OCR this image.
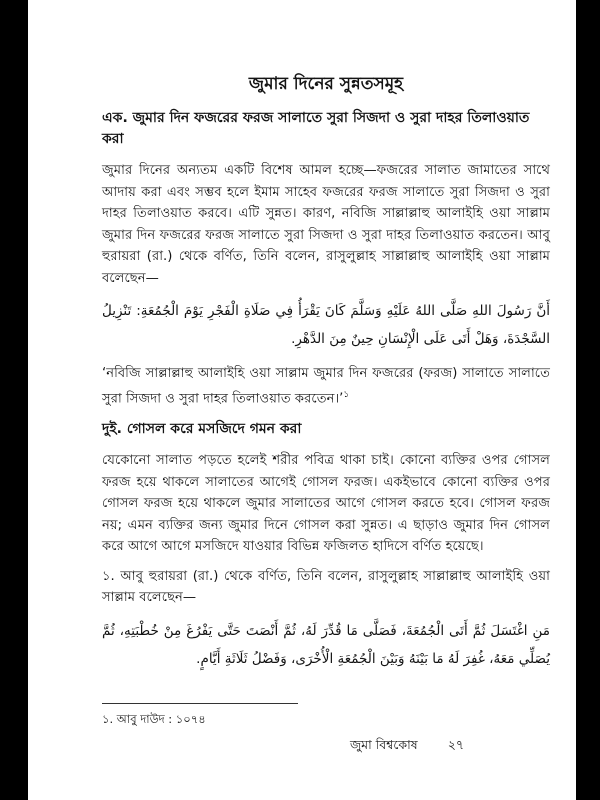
জুমার দিনের সুন্নতসমূহ
এক. জুমার দিন ফজরের ফরজ সালাতে সুরা সিজদা ও সুরা দাহর তিলাওয়াত করা

জুমার দিনের অন্যতম একটি বিশেষ আমল হচ্ছে—ফজরের সালাত জামাতের সাথে আদায় করা এবং সম্ভব হলে ইমাম সাহেব ফজরের ফরজ সালাতে সুরা সিজদা ও সুরা দাহর তিলাওয়াত করবে। এটি সুন্নত। কারণ, নবিজি সাল্লাল্লাহু আলাইহি ওয়া সাল্লাম জুমার দিন ফজরের ফরজ সালাতে সুরা সিজদা ও সুরা দাহর তিলাওয়াত করতেন। আবু হুরায়রা (রা.) থেকে বর্ণিত, তিনি বলেন, রাসুলুল্লাহ সাল্লাল্লাহু আলাইহি ওয়া সাল্লাম বলেছেন—

أَنَّ رَسُولَ اللهِ صَلَّى اللهُ عَلَيْهِ وَسَلَّمَ كَانَ يَقْرَأُ فِي صَلَاةِ الْفَجْرِ يَوْمَ الْجُمُعَةِ: تَنْزِيلُ السَّجْدَةَ، وَهَلْ أَتَى عَلَى الْإِنْسَانِ حِينٌ مِنَ الدَّهْرِ.

‘নবিজি সাল্লাল্লাহু আলাইহি ওয়া সাল্লাম জুমার দিন ফজরের (ফরজ) সালাতে সালাতে সুরা সিজদা ও সুরা দাহর তিলাওয়াত করতেন।’$^১$

দুই. গোসল করে মসজিদে গমন করা

যেকোনো সালাত পড়তে হলেই শরীর পবিত্র থাকা চাই। কোনো ব্যক্তির ওপর গোসল ফরজ হয়ে থাকলে সালাতের আগেই গোসল ফরজ। একইভাবে কোনো ব্যক্তির ওপর গোসল ফরজ হয়ে থাকলে জুমার সালাতের আগে গোসল করতে হবে। গোসল ফরজ নয়; এমন ব্যক্তির জন্য জুমার দিনে গোসল করা সুন্নত। এ ছাড়াও জুমার দিন গোসল করে আগে আগে মসজিদে যাওয়ার বিভিন্ন ফজিলত হাদিসে বর্ণিত হয়েছে।

১. আবু হুরায়রা (রা.) থেকে বর্ণিত, তিনি বলেন, রাসুলুল্লাহ সাল্লাল্লাহু আলাইহি ওয়া সাল্লাম বলেছেন—

مَنِ اغْتَسَلَ ثُمَّ أَتَى الْجُمُعَةَ، فَصَلَّى مَا قُدِّرَ لَهُ، ثُمَّ أَنْصَتَ حَتَّى يَفْرُغَ مِنْ خُطْبَتِهِ، ثُمَّ يُصَلِّي مَعَهُ، غُفِرَ لَهُ مَا بَيْنَهُ وَبَيْنَ الْجُمُعَةِ الْأُخْرَى، وَفَضْلُ ثَلَاثَةِ أَيَّامٍ.

১. আবু দাউদ : ১০৭৪
জুমা বিশ্বকোষ ২৭
